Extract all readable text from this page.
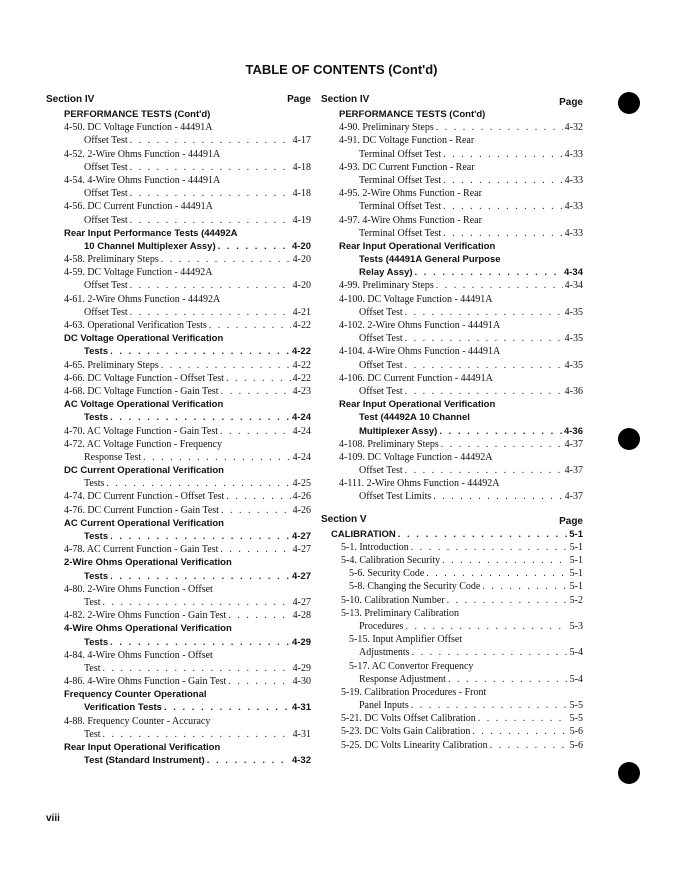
TABLE OF CONTENTS (Cont'd)
Section IV	Page
PERFORMANCE TESTS (Cont'd)
4-50. DC Voltage Function - 44491A
Offset Test . . .	4-17
4-52. 2-Wire Ohms Function - 44491A
Offset Test . . .	4-18
4-54. 4-Wire Ohms Function - 44491A
Offset Test . . .	4-18
4-56. DC Current Function - 44491A
Offset Test . . .	4-19
Rear Input Performance Tests (44492A
10 Channel Multiplexer Assy) . . .	4-20
4-58. Preliminary Steps . . .	4-20
4-59. DC Voltage Function - 44492A
Offset Test . . .	4-20
4-61. 2-Wire Ohms Function - 44492A
Offset Test . . .	4-21
4-63. Operational Verification Tests . . .	4-22
DC Voltage Operational Verification
Tests . . .	4-22
4-65. Preliminary Steps . . .	4-22
4-66. DC Voltage Function - Offset Test . . .	4-22
4-68. DC Voltage Function - Gain Test . . .	4-23
AC Voltage Operational Verification
Tests . . .	4-24
4-70. AC Voltage Function - Gain Test . . .	4-24
4-72. AC Voltage Function - Frequency
Response Test . . .	4-24
DC Current Operational Verification
Tests . . .	4-25
4-74. DC Current Function - Offset Test . . .	4-26
4-76. DC Current Function - Gain Test . . .	4-26
AC Current Operational Verification
Tests . . .	4-27
4-78. AC Current Function - Gain Test . . .	4-27
2-Wire Ohms Operational Verification
Tests . . .	4-27
4-80. 2-Wire Ohms Function - Offset
Test . . .	4-27
4-82. 2-Wire Ohms Function - Gain Test . . .	4-28
4-Wire Ohms Operational Verification
Tests . . .	4-29
4-84. 4-Wire Ohms Function - Offset
Test . . .	4-29
4-86. 4-Wire Ohms Function - Gain Test . . .	4-30
Frequency Counter Operational
Verification Tests . . .	4-31
4-88. Frequency Counter - Accuracy
Test . . .	4-31
Rear Input Operational Verification
Test (Standard Instrument) . . .	4-32
Section IV	Page
PERFORMANCE TESTS (Cont'd)
4-90. Preliminary Steps . . .	4-32
4-91. DC Voltage Function - Rear
Terminal Offset Test . . .	4-33
4-93. DC Current Function - Rear
Terminal Offset Test . . .	4-33
4-95. 2-Wire Ohms Function - Rear
Terminal Offset Test . . .	4-33
4-97. 4-Wire Ohms Function - Rear
Terminal Offset Test . . .	4-33
Rear Input Operational Verification
Tests (44491A General Purpose
Relay Assy) . . .	4-34
4-99. Preliminary Steps . . .	4-34
4-100. DC Voltage Function - 44491A
Offset Test . . .	4-35
4-102. 2-Wire Ohms Function - 44491A
Offset Test . . .	4-35
4-104. 4-Wire Ohms Function - 44491A
Offset Test . . .	4-35
4-106. DC Current Function - 44491A
Offset Test . . .	4-36
Rear Input Operational Verification
Test (44492A 10 Channel
Multiplexer Assy) . . .	4-36
4-108. Preliminary Steps . . .	4-37
4-109. DC Voltage Function - 44492A
Offset Test . . .	4-37
4-111. 2-Wire Ohms Function - 44492A
Offset Test Limits . . .	4-37
Section V	Page
CALIBRATION . . .	5-1
5-1. Introduction . . .	5-1
5-4. Calibration Security . . .	5-1
5-6. Security Code . . .	5-1
5-8. Changing the Security Code . . .	5-1
5-10. Calibration Number . . .	5-2
5-13. Preliminary Calibration
Procedures . . .	5-3
5-15. Input Amplifier Offset
Adjustments . . .	5-4
5-17. AC Convertor Frequency
Response Adjustment . . .	5-4
5-19. Calibration Procedures - Front
Panel Inputs . . .	5-5
5-21. DC Volts Offset Calibration . . .	5-5
5-23. DC Volts Gain Calibration . . .	5-6
5-25. DC Volts Linearity Calibration . . .	5-6
viii
